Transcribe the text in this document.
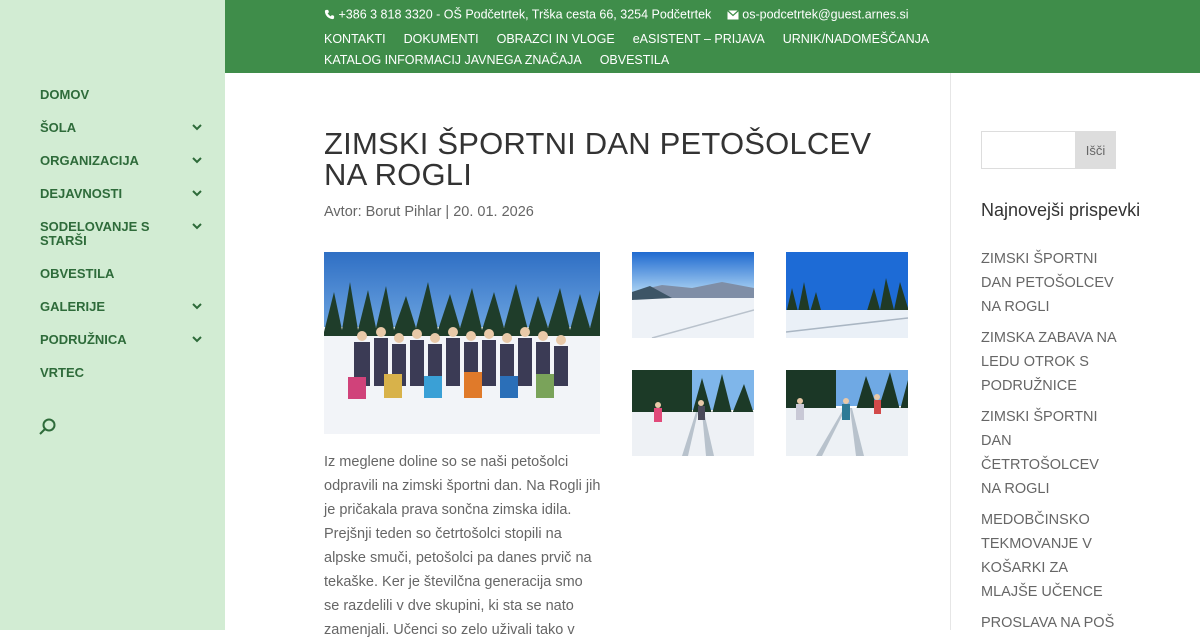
DOMOV
ŠOLA
ORGANIZACIJA
DEJAVNOSTI
SODELOVANJE S STARŠI
OBVESTILA
GALERIJE
PODRUŽNICA
VRTEC
+386 3 818 3320 - OŠ Podčetrtek, Trška cesta 66, 3254 Podčetrtek os-podcetrtek@guest.arnes.si
KONTAKTI DOKUMENTI OBRAZCI IN VLOGE eASISTENT – PRIJAVA URNIK/NADOMEŠČANJAKATALOG INFORMACIJ JAVNEGA ZNAČAJA OBVESTILA
ZIMSKI ŠPORTNI DAN PETOŠOLCEV NA ROGLI
Avtor: Borut Pihlar | 20. 01. 2026
Iz meglene doline so se naši petošolci odpravili na zimski športni dan. Na Rogli jih je pričakala prava sončna zimska idila. Prejšnji teden so četrtošolci stopili na alpske smuči, petošolci pa danes prvič na tekaške. Ker je številčna generacija smo se razdelili v dve skupini, ki sta se nato zamenjali. Učenci so zelo uživali tako v
Išči
Najnovejši prispevki
ZIMSKI ŠPORTNI DAN PETOŠOLCEV NA ROGLI
ZIMSKA ZABAVA NA LEDU OTROK S PODRUŽNICE
ZIMSKI ŠPORTNI DAN ČETRTOŠOLCEV NA ROGLI
MEDOBČINSKO TEKMOVANJE V KOŠARKI ZA MLAJŠE UČENCE
PROSLAVA NA POŠ
